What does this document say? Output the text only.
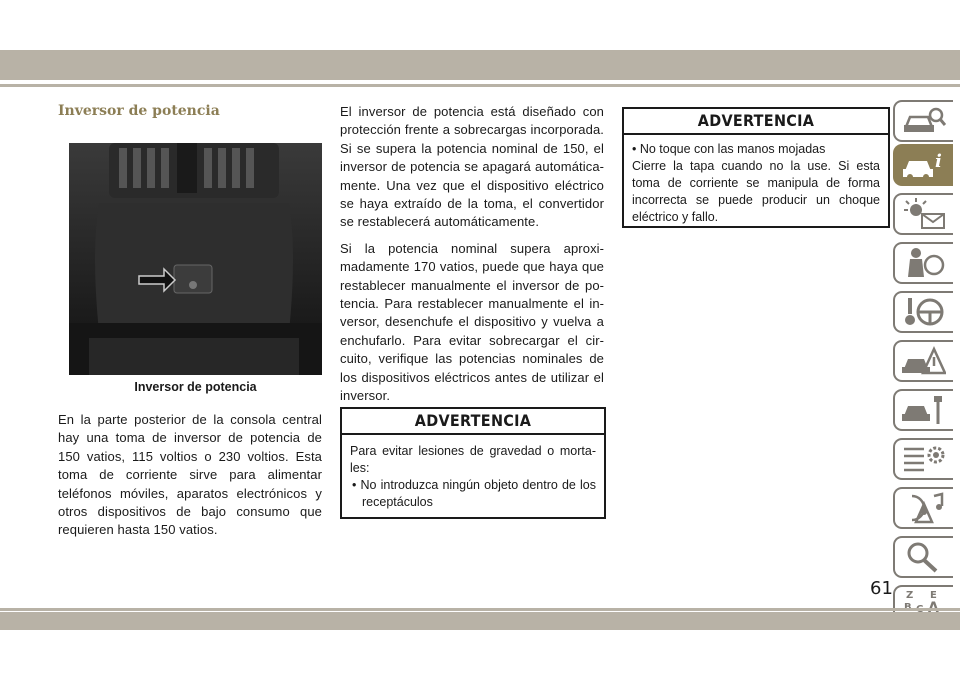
Inversor de potencia
Inversor de potencia
En la parte posterior de la consola central hay una toma de inversor de potencia de 150 vatios, 115 voltios o 230 voltios. Esta toma de corriente sirve para alimentar teléfonos móviles, aparatos electrónicos y otros dispositivos de bajo consumo que requieren hasta 150 vatios.

El inversor de potencia está diseñado con protección frente a sobrecargas incorporada. Si se supera la potencia nominal de 150, el inversor de potencia se apagará automáticamente. Una vez que el dispositivo eléctrico se haya extraído de la toma, el convertidor se restablecerá automáticamente.

Si la potencia nominal supera aproximadamente 170 vatios, puede que haya que restablecer manualmente el inversor de potencia. Para restablecer manualmente el inversor, desenchufe el dispositivo y vuelva a enchufarlo. Para evitar sobrecargar el circuito, verifique las potencias nominales de los dispositivos eléctricos antes de utilizar el inversor.

ADVERTENCIA
Para evitar lesiones de gravedad o mortales:
• No introduzca ningún objeto dentro de los receptáculos
ADVERTENCIA
• No toque con las manos mojadas
Cierre la tapa cuando no la use. Si esta toma de corriente se manipula de forma incorrecta se puede producir un choque eléctrico y fallo.
i
Z E
61
